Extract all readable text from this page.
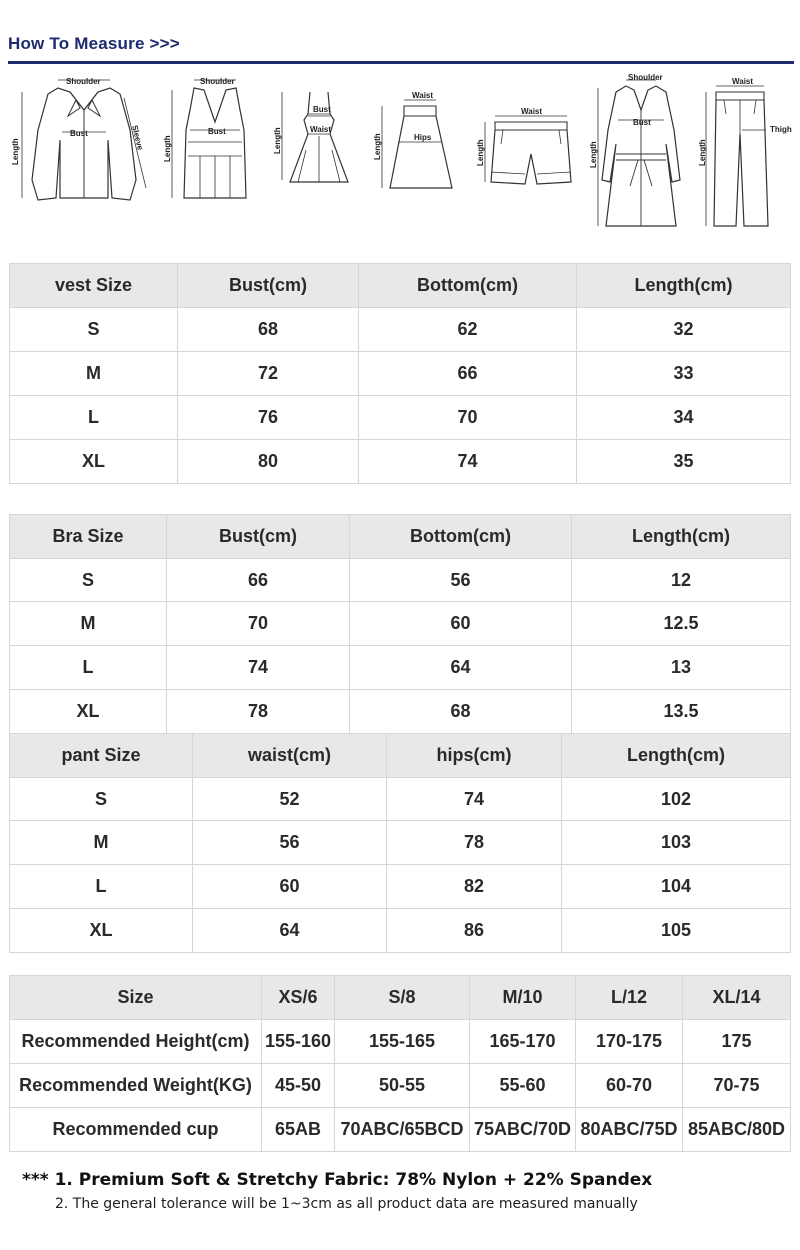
How To Measure >>>
Shoulder
Bust
Length
Sleeve
Shoulder
Bust
Length
Bust
Waist
Length
Waist
Hips
Length
Waist
Length
Shoulder
Bust
Length
Waist
Thigh
Length
vest Size	Bust(cm)	Bottom(cm)	Length(cm)
S	68	62	32
M	72	66	33
L	76	70	34
XL	80	74	35
Bra Size	Bust(cm)	Bottom(cm)	Length(cm)
S	66	56	12
M	70	60	12.5
L	74	64	13
XL	78	68	13.5
pant Size	waist(cm)	hips(cm)	Length(cm)
S	52	74	102
M	56	78	103
L	60	82	104
XL	64	86	105
Size	XS/6	S/8	M/10	L/12	XL/14
Recommended Height(cm)	155-160	155-165	165-170	170-175	175
Recommended Weight(KG)	45-50	50-55	55-60	60-70	70-75
Recommended cup	65AB	70ABC/65BCD	75ABC/70D	80ABC/75D	85ABC/80D
*** 1. Premium Soft & Stretchy Fabric: 78% Nylon + 22% Spandex
2. The general tolerance will be 1~3cm as all product data are measured manually
